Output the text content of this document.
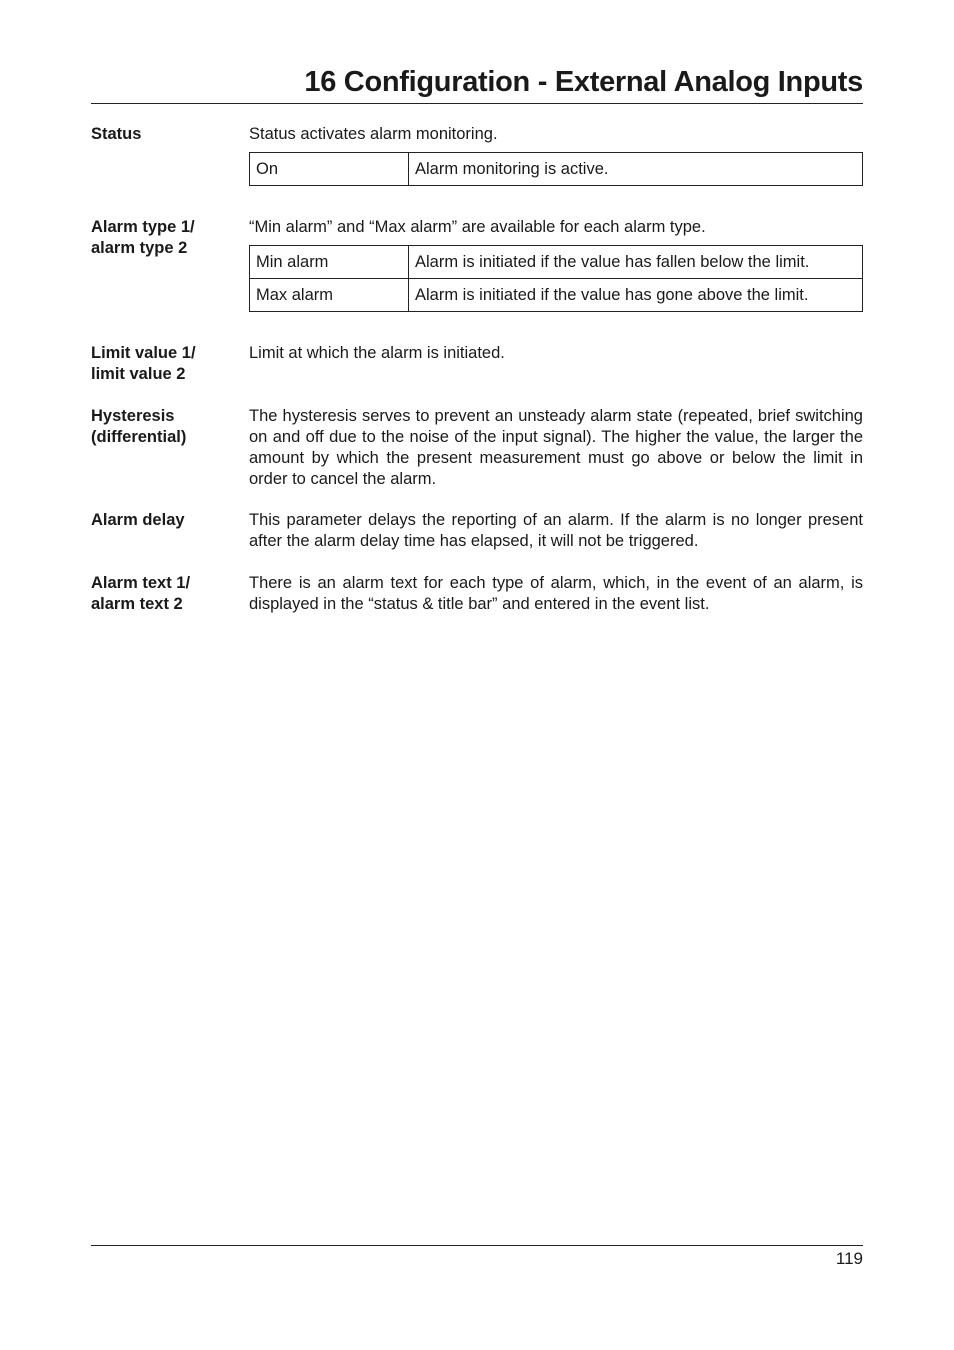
16 Configuration - External Analog Inputs
Status	Status activates alarm monitoring.

On	Alarm monitoring is active.
Alarm type 1/
alarm type 2

“Min alarm” and “Max alarm” are available for each alarm type.

Min alarm	Alarm is initiated if the value has fallen below the limit.
Max alarm	Alarm is initiated if the value has gone above the limit.
Limit value 1/
limit value 2

Limit at which the alarm is initiated.

Hysteresis
(differential)

The hysteresis serves to prevent an unsteady alarm state (repeated, brief switching on and off due to the noise of the input signal). The higher the value, the larger the amount by which the present measurement must go above or below the limit in order to cancel the alarm.

Alarm delay	This parameter delays the reporting of an alarm. If the alarm is no longer present after the alarm delay time has elapsed, it will not be triggered.

Alarm text 1/
alarm text 2

There is an alarm text for each type of alarm, which, in the event of an alarm, is displayed in the “status & title bar” and entered in the event list.

119
